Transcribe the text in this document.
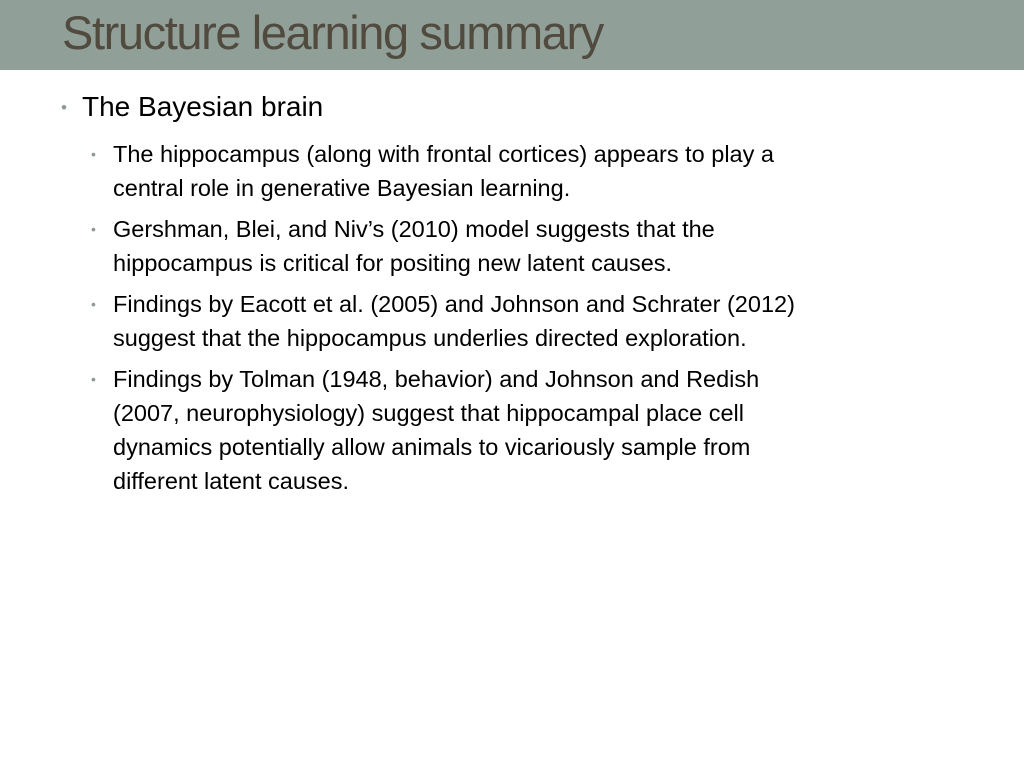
Structure learning summary
• The Bayesian brain
• The hippocampus (along with frontal cortices) appears to play a
central role in generative Bayesian learning.
• Gershman, Blei, and Niv’s (2010) model suggests that the
hippocampus is critical for positing new latent causes.
• Findings by Eacott et al. (2005) and Johnson and Schrater (2012)
suggest that the hippocampus underlies directed exploration.
• Findings by Tolman (1948, behavior) and Johnson and Redish
(2007, neurophysiology) suggest that hippocampal place cell
dynamics potentially allow animals to vicariously sample from
different latent causes.
